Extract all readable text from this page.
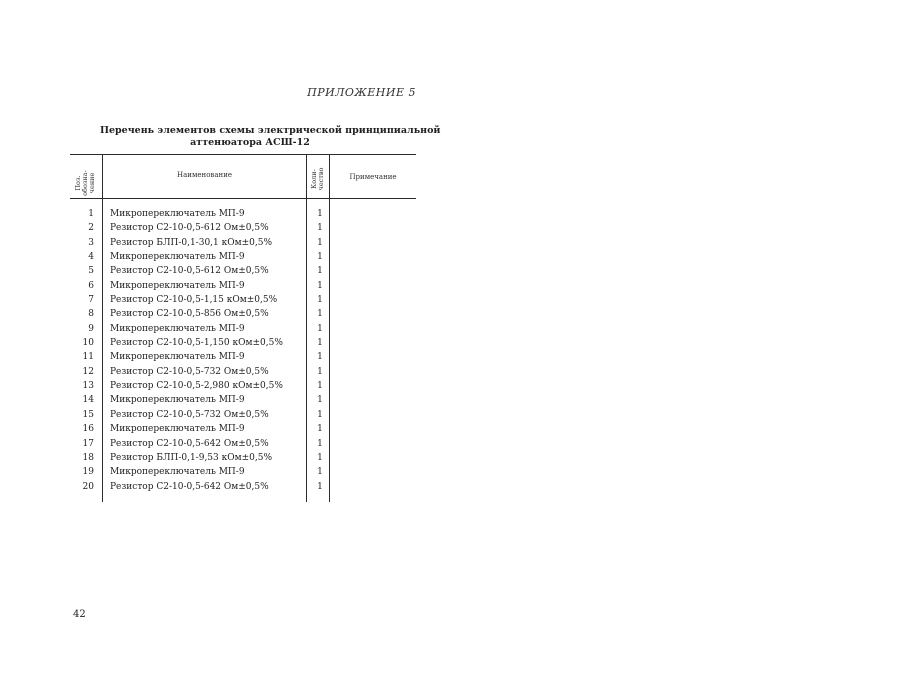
ПРИЛОЖЕНИЕ 5
Перечень элементов схемы электрической принципиальной
аттенюатора АСШ-12
Поз. обозна- чение	Наименование	Коли- чество	Примечание
1 Микропереключатель МП-9	1
2 Резистор С2-10-0,5-612 Ом±0,5%	1
3 Резистор БЛП-0,1-30,1 кОм±0,5%	1
4 Микропереключатель МП-9	1
5 Резистор С2-10-0,5-612 Ом±0,5%	1
6 Микропереключатель МП-9	1
7 Резистор С2-10-0,5-1,15 кОм±0,5%	1
8 Резистор С2-10-0,5-856 Ом±0,5%	1
9 Микропереключатель МП-9	1
10 Резистор С2-10-0,5-1,150 кОм±0,5%	1
11 Микропереключатель МП-9	1
12 Резистор С2-10-0,5-732 Ом±0,5%	1
13 Резистор С2-10-0,5-2,980 кОм±0,5%	1
14 Микропереключатель МП-9	1
15 Резистор С2-10-0,5-732 Ом±0,5%	1
16 Микропереключатель МП-9	1
17 Резистор С2-10-0,5-642 Ом±0,5%	1
18 Резистор БЛП-0,1-9,53 кОм±0,5%	1
19 Микропереключатель МП-9	1
20 Резистор С2-10-0,5-642 Ом±0,5%	1
42
